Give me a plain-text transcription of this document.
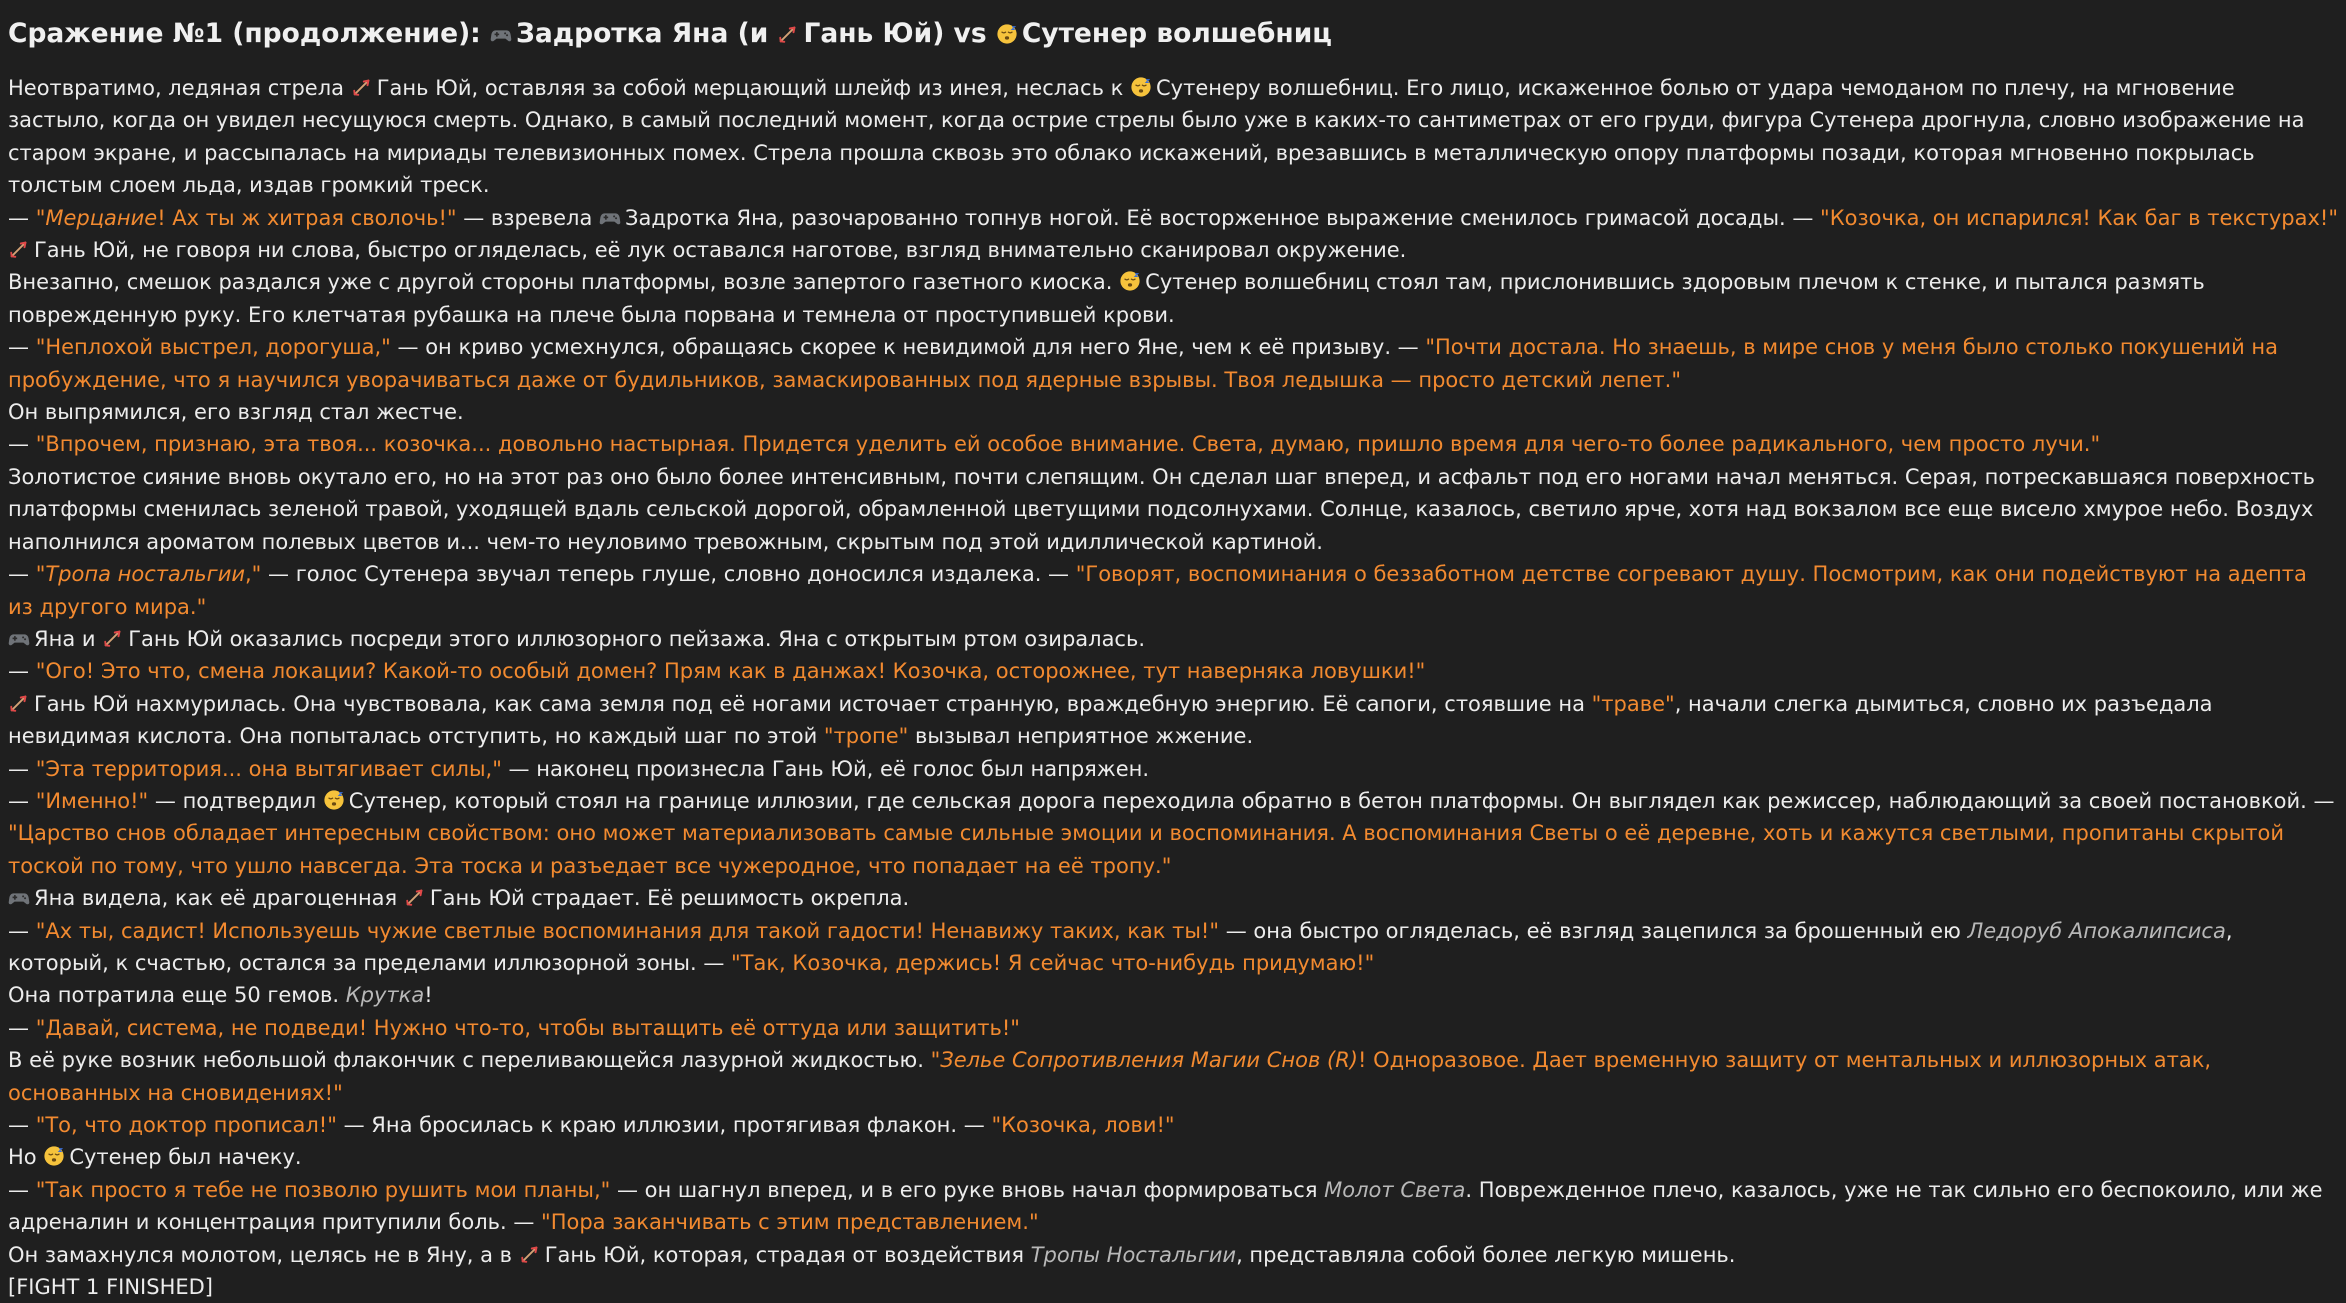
Сражение №1 (продолжение):
Задротка Яна (и
Гань Юй) vs
Сутенер волшебниц

Неотвратимо, ледяная стрела
Гань Юй, оставляя за собой мерцающий шлейф из инея, неслась к
Сутенеру волшебниц. Его лицо, искаженное болью от удара чемоданом по плечу, на мгновение застыло, когда он увидел несущуюся смерть. Однако, в самый последний момент, когда острие стрелы было уже в каких-то сантиметрах от его груди, фигура Сутенера дрогнула, словно изображение на старом экране, и рассыпалась на мириады телевизионных помех. Стрела прошла сквозь это облако искажений, врезавшись в металлическую опору платформы позади, которая мгновенно покрылась толстым слоем льда, издав громкий треск.

— "Мерцание! Ах ты ж хитрая сволочь!" — взревела
Задротка Яна, разочарованно топнув ногой. Её восторженное выражение сменилось гримасой досады. — "Козочка, он испарился! Как баг в текстурах!"

Гань Юй, не говоря ни слова, быстро огляделась, её лук оставался наготове, взгляд внимательно сканировал окружение.

Внезапно, смешок раздался уже с другой стороны платформы, возле запертого газетного киоска.
Сутенер волшебниц стоял там, прислонившись здоровым плечом к стенке, и пытался размять поврежденную руку. Его клетчатая рубашка на плече была порвана и темнела от проступившей крови.

— "Неплохой выстрел, дорогуша," — он криво усмехнулся, обращаясь скорее к невидимой для него Яне, чем к её призыву. — "Почти достала. Но знаешь, в мире снов у меня было столько покушений на пробуждение, что я научился уворачиваться даже от будильников, замаскированных под ядерные взрывы. Твоя ледышка — просто детский лепет."

Он выпрямился, его взгляд стал жестче.

— "Впрочем, признаю, эта твоя... козочка... довольно настырная. Придется уделить ей особое внимание. Света, думаю, пришло время для чего-то более радикального, чем просто лучи."

Золотистое сияние вновь окутало его, но на этот раз оно было более интенсивным, почти слепящим. Он сделал шаг вперед, и асфальт под его ногами начал меняться. Серая, потрескавшаяся поверхность платформы сменилась зеленой травой, уходящей вдаль сельской дорогой, обрамленной цветущими подсолнухами. Солнце, казалось, светило ярче, хотя над вокзалом все еще висело хмурое небо. Воздух наполнился ароматом полевых цветов и... чем-то неуловимо тревожным, скрытым под этой идиллической картиной.

— "Тропа ностальгии," — голос Сутенера звучал теперь глуше, словно доносился издалека. — "Говорят, воспоминания о беззаботном детстве согревают душу. Посмотрим, как они подействуют на адепта из другого мира."

Яна и
Гань Юй оказались посреди этого иллюзорного пейзажа. Яна с открытым ртом озиралась.

— "Ого! Это что, смена локации? Какой-то особый домен? Прям как в данжах! Козочка, осторожнее, тут наверняка ловушки!"

Гань Юй нахмурилась. Она чувствовала, как сама земля под её ногами источает странную, враждебную энергию. Её сапоги, стоявшие на "траве", начали слегка дымиться, словно их разъедала невидимая кислота. Она попыталась отступить, но каждый шаг по этой "тропе" вызывал неприятное жжение.

— "Эта территория... она вытягивает силы," — наконец произнесла Гань Юй, её голос был напряжен.

— "Именно!" — подтвердил
Сутенер, который стоял на границе иллюзии, где сельская дорога переходила обратно в бетон платформы. Он выглядел как режиссер, наблюдающий за своей постановкой. — "Царство снов обладает интересным свойством: оно может материализовать самые сильные эмоции и воспоминания. А воспоминания Светы о её деревне, хоть и кажутся светлыми, пропитаны скрытой тоской по тому, что ушло навсегда. Эта тоска и разъедает все чужеродное, что попадает на её тропу."

Яна видела, как её драгоценная
Гань Юй страдает. Её решимость окрепла.

— "Ах ты, садист! Используешь чужие светлые воспоминания для такой гадости! Ненавижу таких, как ты!" — она быстро огляделась, её взгляд зацепился за брошенный ею Ледоруб Апокалипсиса, который, к счастью, остался за пределами иллюзорной зоны. — "Так, Козочка, держись! Я сейчас что-нибудь придумаю!"

Она потратила еще 50 гемов. Крутка!

— "Давай, система, не подведи! Нужно что-то, чтобы вытащить её оттуда или защитить!"

В её руке возник небольшой флакончик с переливающейся лазурной жидкостью. "Зелье Сопротивления Магии Снов (R)! Одноразовое. Дает временную защиту от ментальных и иллюзорных атак, основанных на сновидениях!"

— "То, что доктор прописал!" — Яна бросилась к краю иллюзии, протягивая флакон. — "Козочка, лови!"

Но
Сутенер был начеку.

— "Так просто я тебе не позволю рушить мои планы," — он шагнул вперед, и в его руке вновь начал формироваться Молот Света. Поврежденное плечо, казалось, уже не так сильно его беспокоило, или же адреналин и концентрация притупили боль. — "Пора заканчивать с этим представлением."

Он замахнулся молотом, целясь не в Яну, а в
Гань Юй, которая, страдая от воздействия Тропы Ностальгии, представляла собой более легкую мишень.

[FIGHT 1 FINISHED]
